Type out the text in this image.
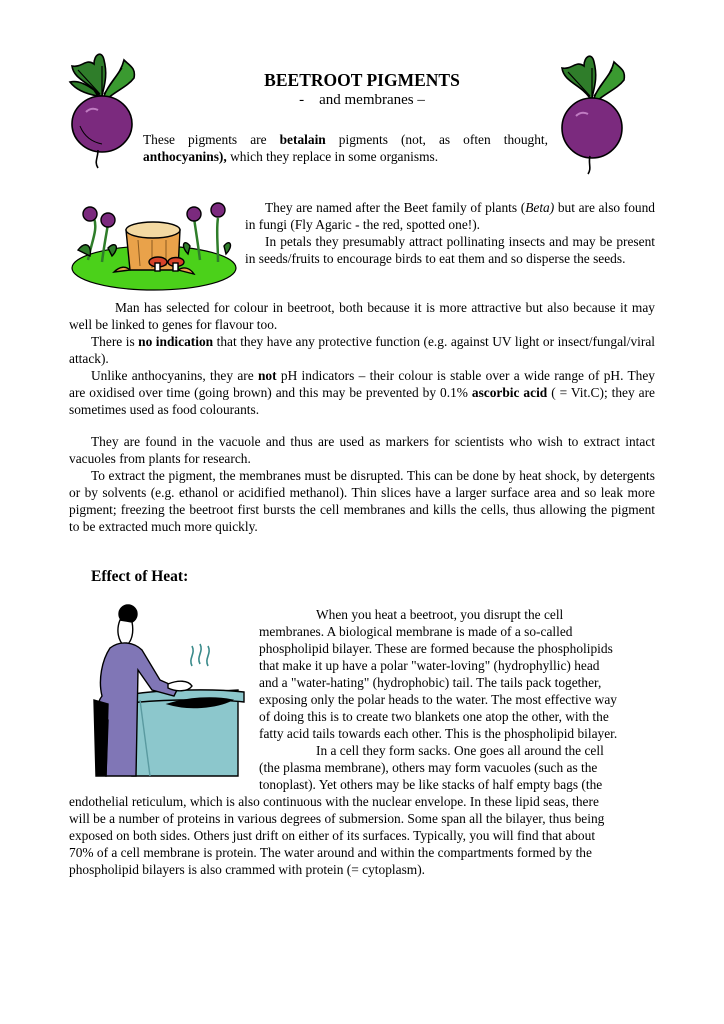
BEETROOT PIGMENTS
-    and membranes –

These pigments are betalain pigments (not, as often thought, anthocyanins), which they replace in some organisms.

They are named after the Beet family of plants (Beta) but are also found in fungi (Fly Agaric - the red, spotted one!).

In petals they presumably attract pollinating insects and may be present in seeds/fruits to encourage birds to eat them and so disperse the seeds.

Man has selected for colour in beetroot, both because it is more attractive but also because it may well be linked to genes for flavour too.

There is no indication that they have any protective function (e.g. against UV light or insect/fungal/viral attack).

Unlike anthocyanins, they are not pH indicators – their colour is stable over a wide range of pH. They are oxidised over time (going brown) and this may be prevented by 0.1% ascorbic acid ( = Vit.C); they are sometimes used as food colourants.

They are found in the vacuole and thus are used as markers for scientists who wish to extract intact vacuoles from plants for research.

To extract the pigment, the membranes must be disrupted. This can be done by heat shock, by detergents or by solvents (e.g. ethanol or acidified methanol). Thin slices have a larger surface area and so leak more pigment; freezing the beetroot first bursts the cell membranes and kills the cells, thus allowing the pigment to be extracted much more quickly.

Effect of Heat:
When you heat a beetroot, you disrupt the cell
membranes. A biological membrane is made of a so-called
phospholipid bilayer. These are formed because the phospholipids
that make it up have a polar "water-loving" (hydrophyllic) head
and a "water-hating" (hydrophobic) tail. The tails pack together,
exposing only the polar heads to the water. The most effective way
of doing this is to create two blankets one atop the other, with the
fatty acid tails towards each other. This is the phospholipid bilayer.
In a cell they form sacks. One goes all around the cell
(the plasma membrane), others may form vacuoles (such as the
tonoplast). Yet others may be like stacks of half empty bags (the
endothelial reticulum, which is also continuous with the nuclear envelope. In these lipid seas, there
will be a number of proteins in various degrees of submersion. Some span all the bilayer, thus being
exposed on both sides. Others just drift on either of its surfaces. Typically, you will find that about
70% of a cell membrane is protein. The water around and within the compartments formed by the
phospholipid bilayers is also crammed with protein (= cytoplasm).
